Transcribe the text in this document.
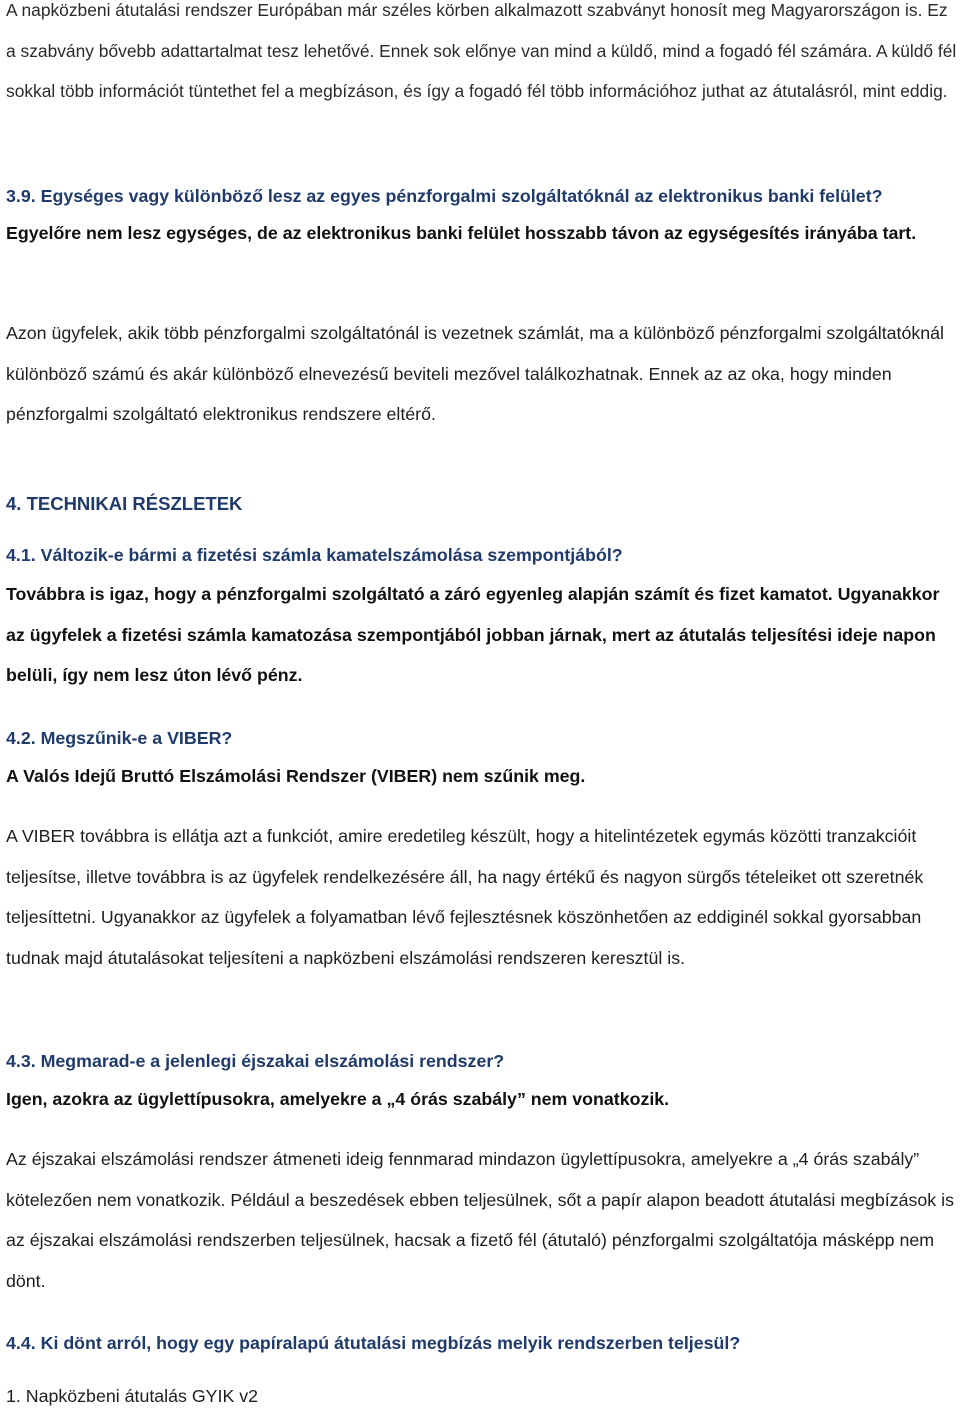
A napközbeni átutalási rendszer Európában már széles körben alkalmazott szabványt honosít meg Magyarországon is. Ez a szabvány bővebb adattartalmat tesz lehetővé. Ennek sok előnye van mind a küldő, mind a fogadó fél számára. A küldő fél sokkal több információt tüntethet fel a megbízáson, és így a fogadó fél több információhoz juthat az átutalásról, mint eddig.

3.9. Egységes vagy különböző lesz az egyes pénzforgalmi szolgáltatóknál az elektronikus banki felület?

Egyelőre nem lesz egységes, de az elektronikus banki felület hosszabb távon az egységesítés irányába tart.

Azon ügyfelek, akik több pénzforgalmi szolgáltatónál is vezetnek számlát, ma a különböző pénzforgalmi szolgáltatóknál különböző számú és akár különböző elnevezésű beviteli mezővel találkozhatnak. Ennek az az oka, hogy minden pénzforgalmi szolgáltató elektronikus rendszere eltérő.

4. TECHNIKAI RÉSZLETEK

4.1. Változik-e bármi a fizetési számla kamatelszámolása szempontjából?

Továbbra is igaz, hogy a pénzforgalmi szolgáltató a záró egyenleg alapján számít és fizet kamatot. Ugyanakkor az ügyfelek a fizetési számla kamatozása szempontjából jobban járnak, mert az átutalás teljesítési ideje napon belüli, így nem lesz úton lévő pénz.

4.2. Megszűnik-e a VIBER?

A Valós Idejű Bruttó Elszámolási Rendszer (VIBER) nem szűnik meg.

A VIBER továbbra is ellátja azt a funkciót, amire eredetileg készült, hogy a hitelintézetek egymás közötti tranzakcióit teljesítse, illetve továbbra is az ügyfelek rendelkezésére áll, ha nagy értékű és nagyon sürgős tételeiket ott szeretnék teljesíttetni. Ugyanakkor az ügyfelek a folyamatban lévő fejlesztésnek köszönhetően az eddiginél sokkal gyorsabban tudnak majd átutalásokat teljesíteni a napközbeni elszámolási rendszeren keresztül is.

4.3. Megmarad-e a jelenlegi éjszakai elszámolási rendszer?

Igen, azokra az ügylettípusokra, amelyekre a „4 órás szabály” nem vonatkozik.

Az éjszakai elszámolási rendszer átmeneti ideig fennmarad mindazon ügylettípusokra, amelyekre a „4 órás szabály” kötelezően nem vonatkozik. Például a beszedések ebben teljesülnek, sőt a papír alapon beadott átutalási megbízások is az éjszakai elszámolási rendszerben teljesülnek, hacsak a fizető fél (átutaló) pénzforgalmi szolgáltatója másképp nem dönt.

4.4. Ki dönt arról, hogy egy papíralapú átutalási megbízás melyik rendszerben teljesül?

1. Napközbeni átutalás GYIK v2
